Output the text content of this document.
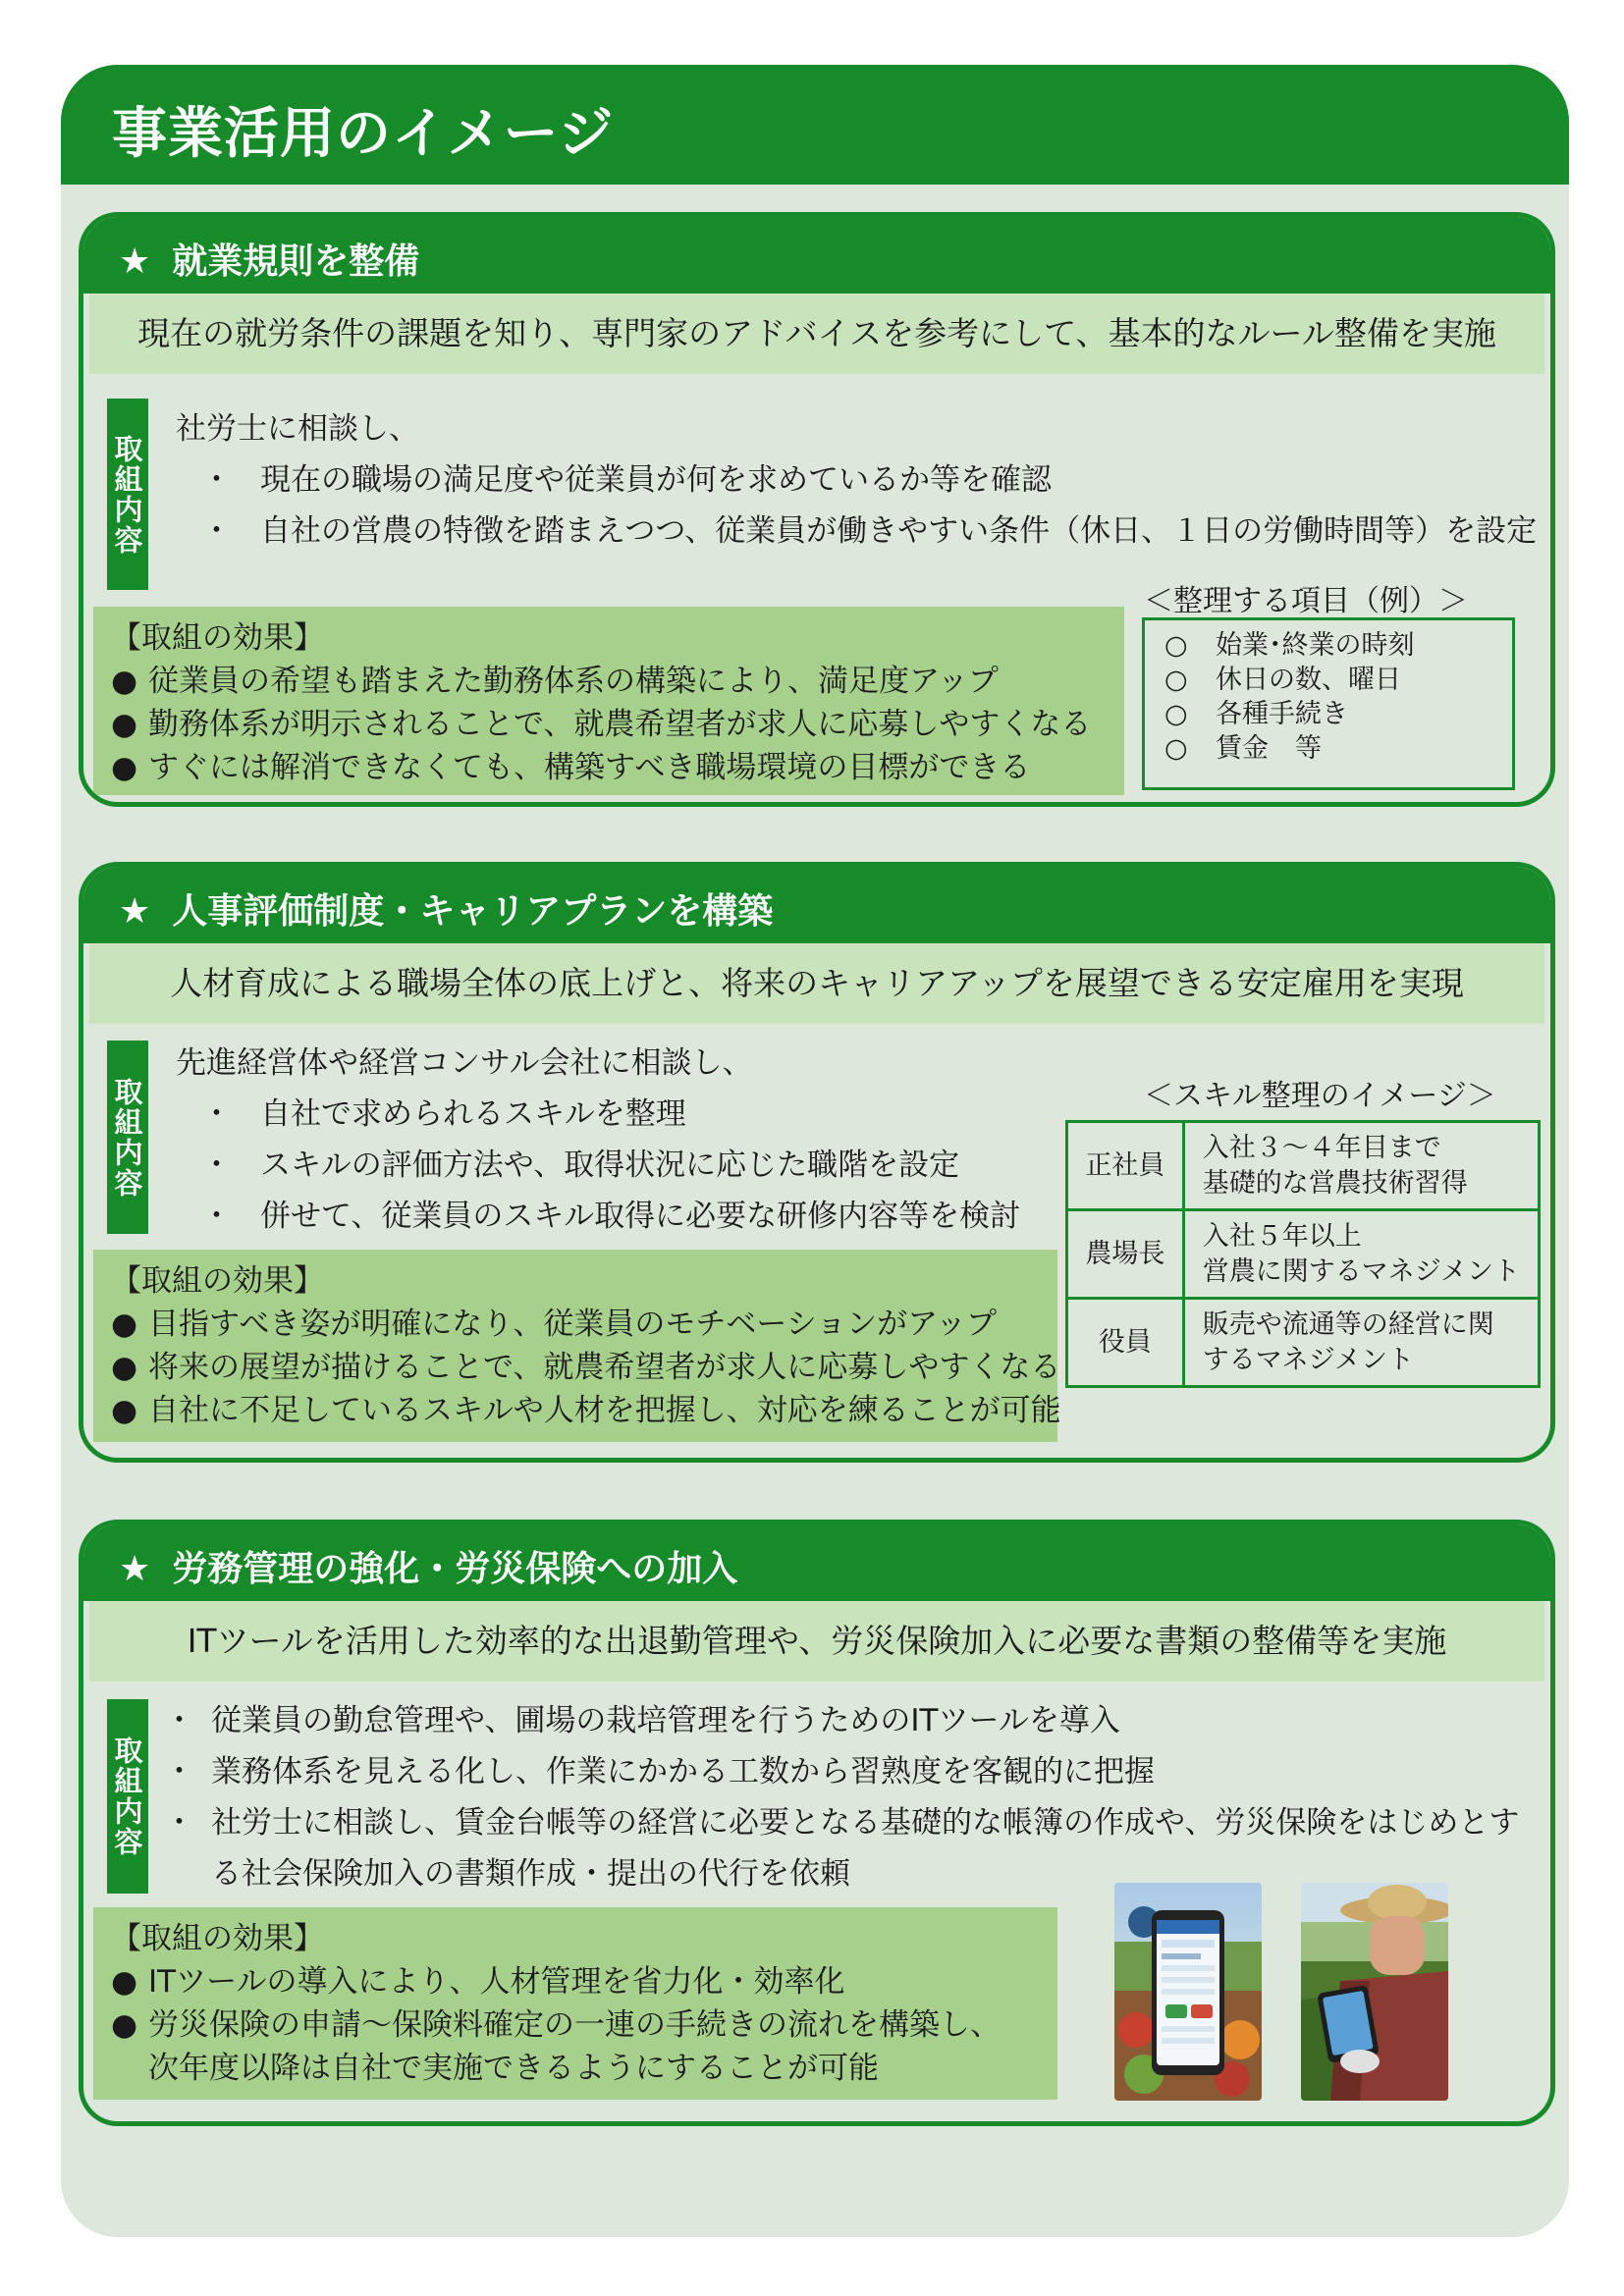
事業活用のイメージ
★ 就業規則を整備
現在の就労条件の課題を知り、専門家のアドバイスを参考にして、基本的なルール整備を実施
取組内容
社労士に相談し、
・ 現在の職場の満足度や従業員が何を求めているか等を確認
・ 自社の営農の特徴を踏まえつつ、従業員が働きやすい条件（休日、１日の労働時間等）を設定
＜整理する項目（例）＞
○ 始業･終業の時刻
○ 休日の数、曜日
○ 各種手続き
○ 賃金　等
【取組の効果】
● 従業員の希望も踏まえた勤務体系の構築により、満足度アップ
● 勤務体系が明示されることで、就農希望者が求人に応募しやすくなる
● すぐには解消できなくても、構築すべき職場環境の目標ができる
★ 人事評価制度・キャリアプランを構築
人材育成による職場全体の底上げと、将来のキャリアアップを展望できる安定雇用を実現
取組内容
先進経営体や経営コンサル会社に相談し、
・ 自社で求められるスキルを整理
・ スキルの評価方法や、取得状況に応じた職階を設定
・ 併せて、従業員のスキル取得に必要な研修内容等を検討
＜スキル整理のイメージ＞
正社員	入社３～４年目まで
基礎的な営農技術習得

農場長	入社５年以上
営農に関するマネジメント

役員	販売や流通等の経営に関
するマネジメント
【取組の効果】
● 目指すべき姿が明確になり、従業員のモチベーションがアップ
● 将来の展望が描けることで、就農希望者が求人に応募しやすくなる
● 自社に不足しているスキルや人材を把握し、対応を練ることが可能
★ 労務管理の強化・労災保険への加入
ITツールを活用した効率的な出退勤管理や、労災保険加入に必要な書類の整備等を実施
取組内容
・ 従業員の勤怠管理や、圃場の栽培管理を行うためのITツールを導入
・ 業務体系を見える化し、作業にかかる工数から習熟度を客観的に把握
・ 社労士に相談し、賃金台帳等の経営に必要となる基礎的な帳簿の作成や、労災保険をはじめとす
る社会保険加入の書類作成・提出の代行を依頼
【取組の効果】
● ITツールの導入により、人材管理を省力化・効率化
● 労災保険の申請～保険料確定の一連の手続きの流れを構築し、
次年度以降は自社で実施できるようにすることが可能
